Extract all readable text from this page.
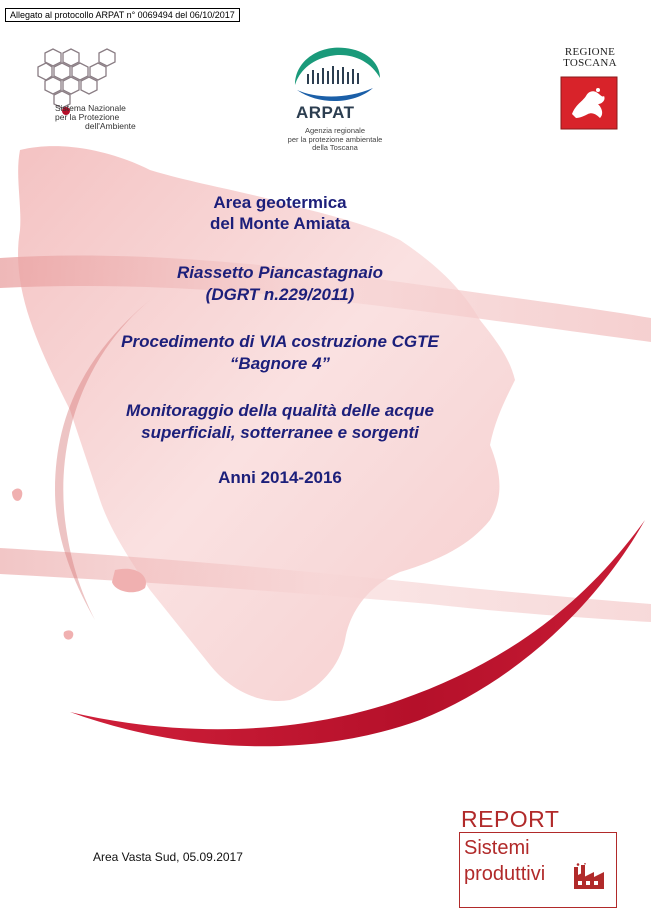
Allegato al protocollo ARPAT n° 0069494 del 06/10/2017
Sistema Nazionale
per la Protezione
dell'Ambiente
ARPAT
Agenzia regionale
per la protezione ambientale
della Toscana
REGIONE
TOSCANA
Area geotermica
del Monte Amiata
Riassetto Piancastagnaio
(DGRT n.229/2011)
Procedimento di VIA costruzione CGTE
“Bagnore 4”
Monitoraggio della qualità delle acque
superficiali, sotterranee e sorgenti
Anni 2014-2016
Area Vasta Sud, 05.09.2017
REPORT
Sistemi
produttivi
